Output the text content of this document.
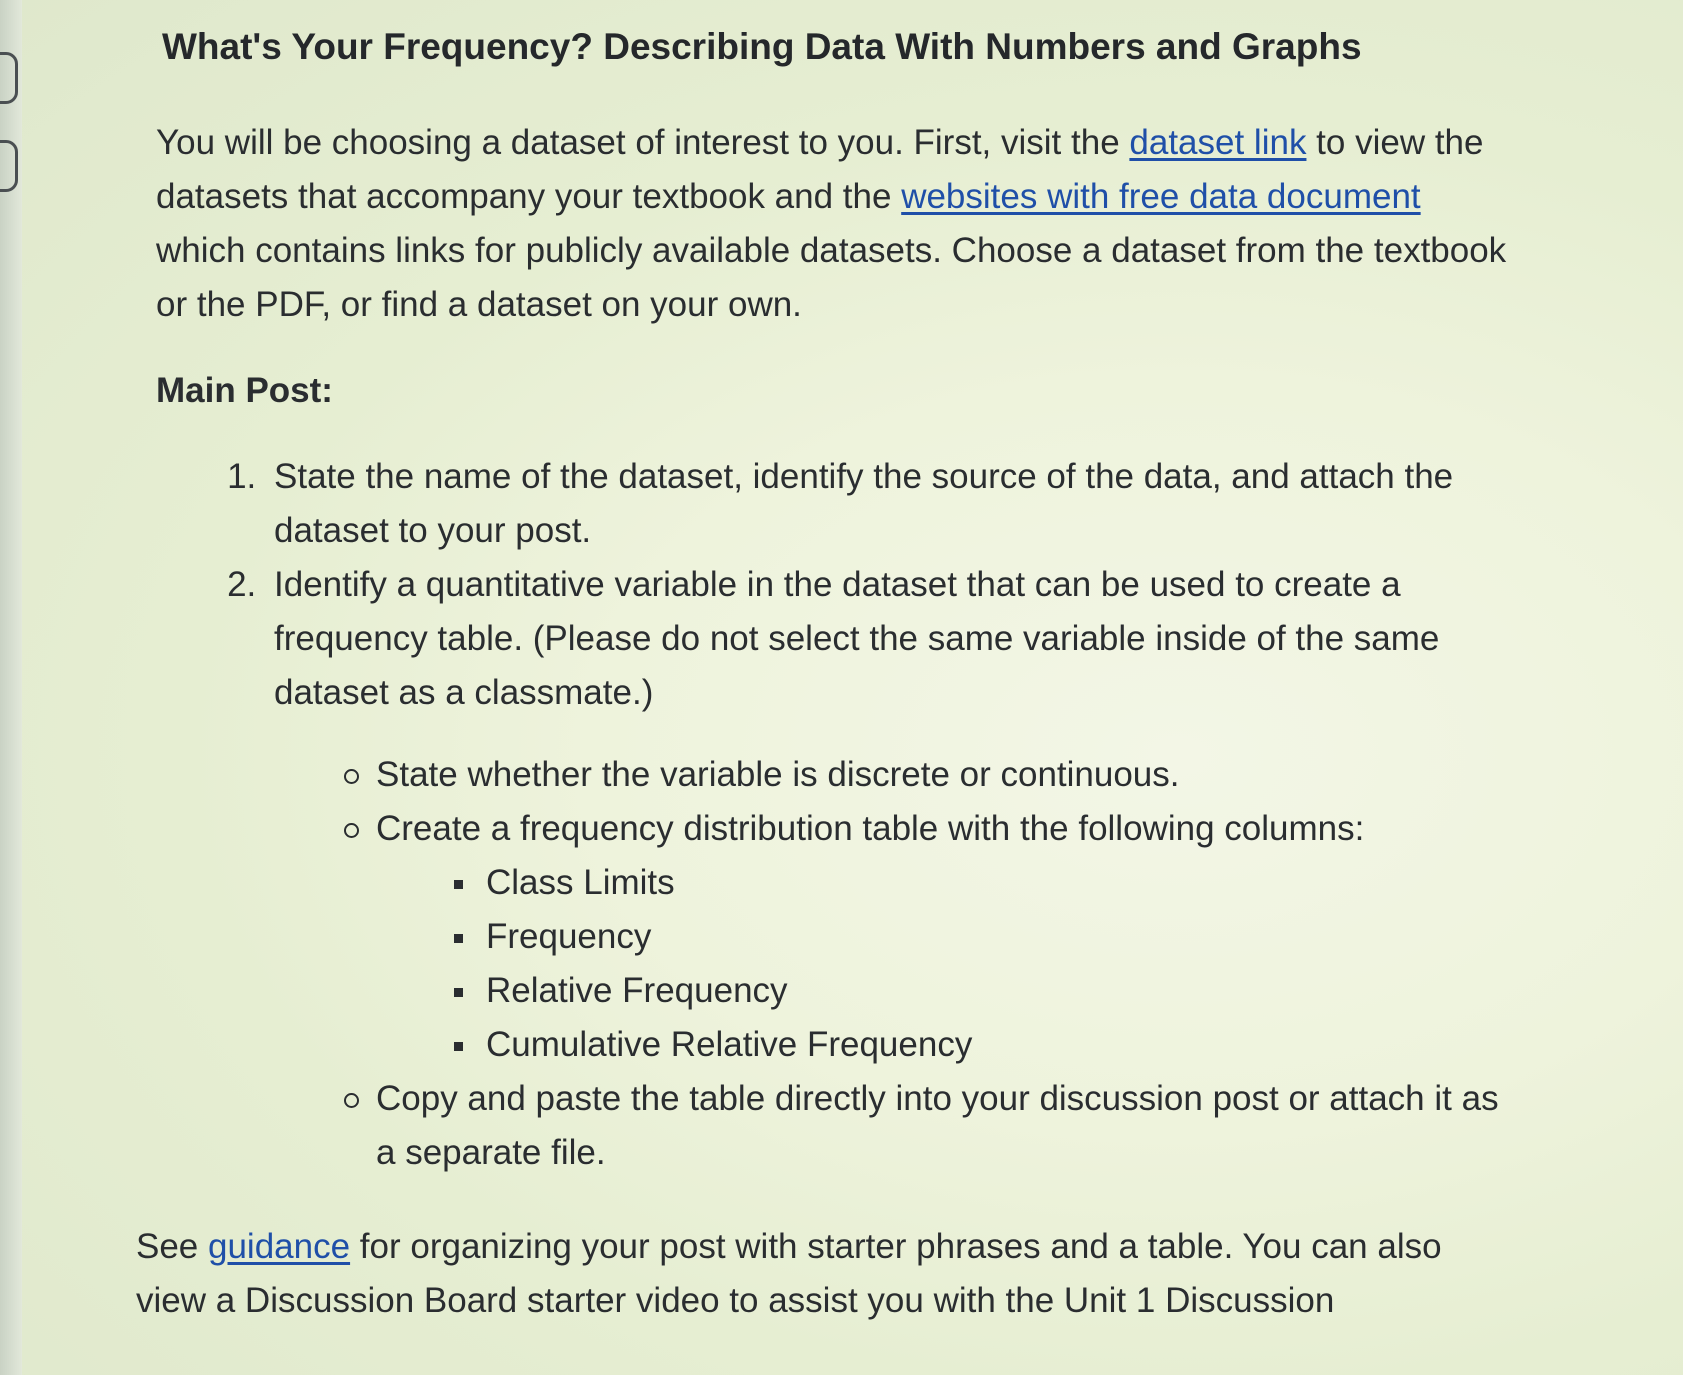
What's Your Frequency? Describing Data With Numbers and Graphs

You will be choosing a dataset of interest to you. First, visit the dataset link to view the datasets that accompany your textbook and the websites with free data document which contains links for publicly available datasets. Choose a dataset from the textbook or the PDF, or find a dataset on your own.

Main Post:
1. State the name of the dataset, identify the source of the data, and attach the dataset to your post.
2. Identify a quantitative variable in the dataset that can be used to create a frequency table. (Please do not select the same variable inside of the same dataset as a classmate.)
State whether the variable is discrete or continuous.
Create a frequency distribution table with the following columns:
Class Limits
Frequency
Relative Frequency
Cumulative Relative Frequency
Copy and paste the table directly into your discussion post or attach it as a separate file.

See guidance for organizing your post with starter phrases and a table. You can also view a Discussion Board starter video to assist you with the Unit 1 Discussion
